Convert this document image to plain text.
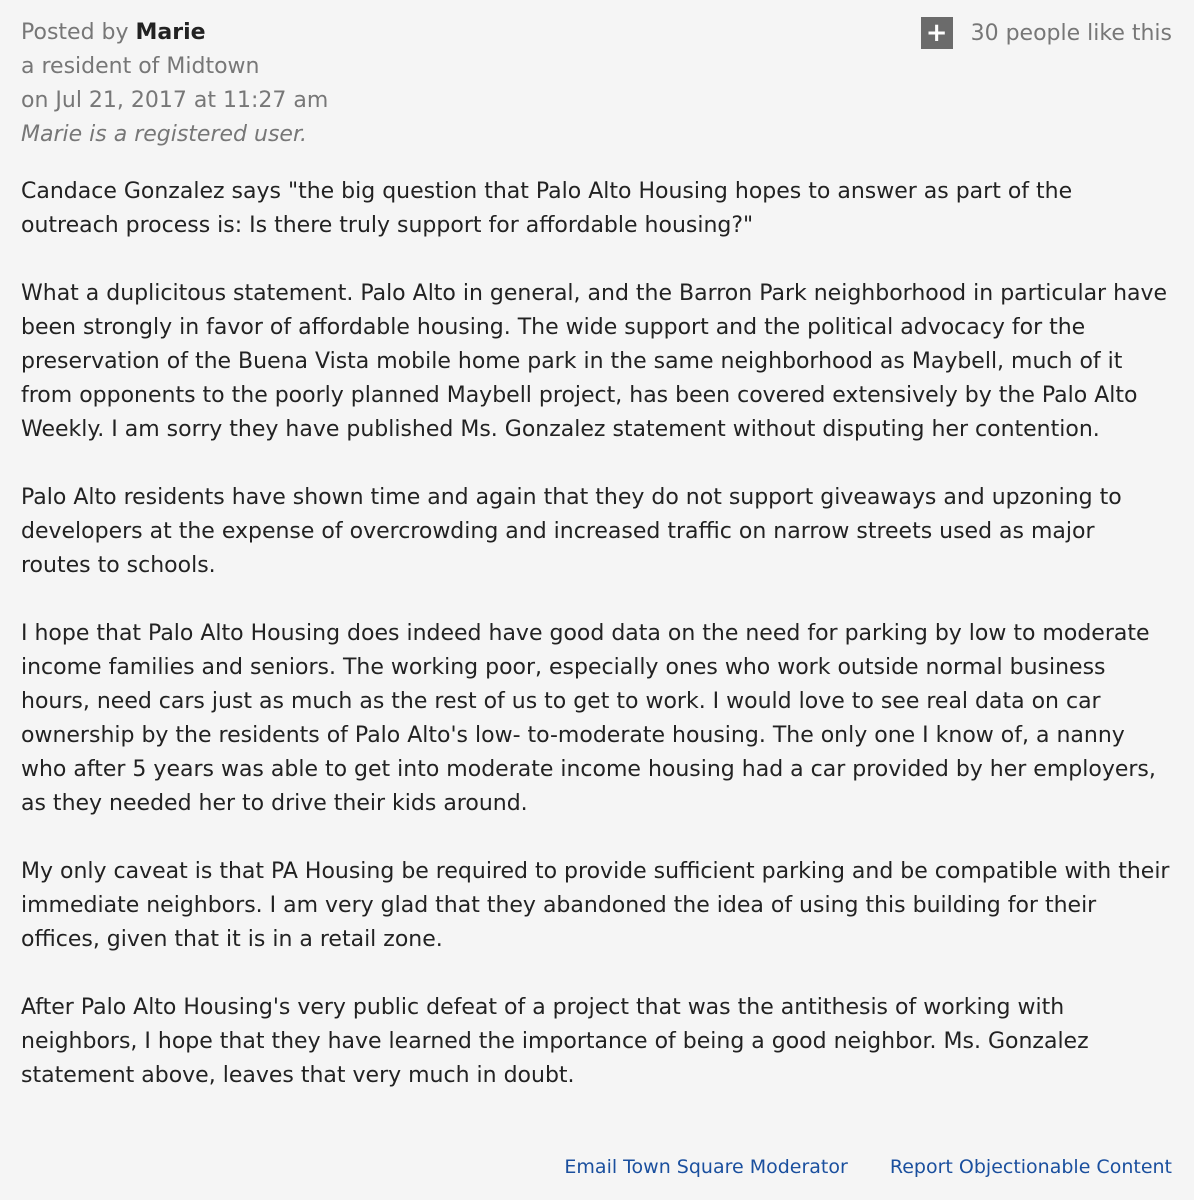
Posted by Marie
a resident of Midtown
on Jul 21, 2017 at 11:27 am
Marie is a registered user.
+ 30 people like this

Candace Gonzalez says "the big question that Palo Alto Housing hopes to answer as part of the outreach process is: Is there truly support for affordable housing?"

What a duplicitous statement. Palo Alto in general, and the Barron Park neighborhood in particular have been strongly in favor of affordable housing. The wide support and the political advocacy for the preservation of the Buena Vista mobile home park in the same neighborhood as Maybell, much of it from opponents to the poorly planned Maybell project, has been covered extensively by the Palo Alto Weekly. I am sorry they have published Ms. Gonzalez statement without disputing her contention.

Palo Alto residents have shown time and again that they do not support giveaways and upzoning to developers at the expense of overcrowding and increased traffic on narrow streets used as major routes to schools.

I hope that Palo Alto Housing does indeed have good data on the need for parking by low to moderate income families and seniors. The working poor, especially ones who work outside normal business hours, need cars just as much as the rest of us to get to work. I would love to see real data on car ownership by the residents of Palo Alto's low- to-moderate housing. The only one I know of, a nanny who after 5 years was able to get into moderate income housing had a car provided by her employers, as they needed her to drive their kids around.

My only caveat is that PA Housing be required to provide sufficient parking and be compatible with their immediate neighbors. I am very glad that they abandoned the idea of using this building for their offices, given that it is in a retail zone.

After Palo Alto Housing's very public defeat of a project that was the antithesis of working with neighbors, I hope that they have learned the importance of being a good neighbor. Ms. Gonzalez statement above, leaves that very much in doubt.

Email Town Square Moderator Report Objectionable Content
